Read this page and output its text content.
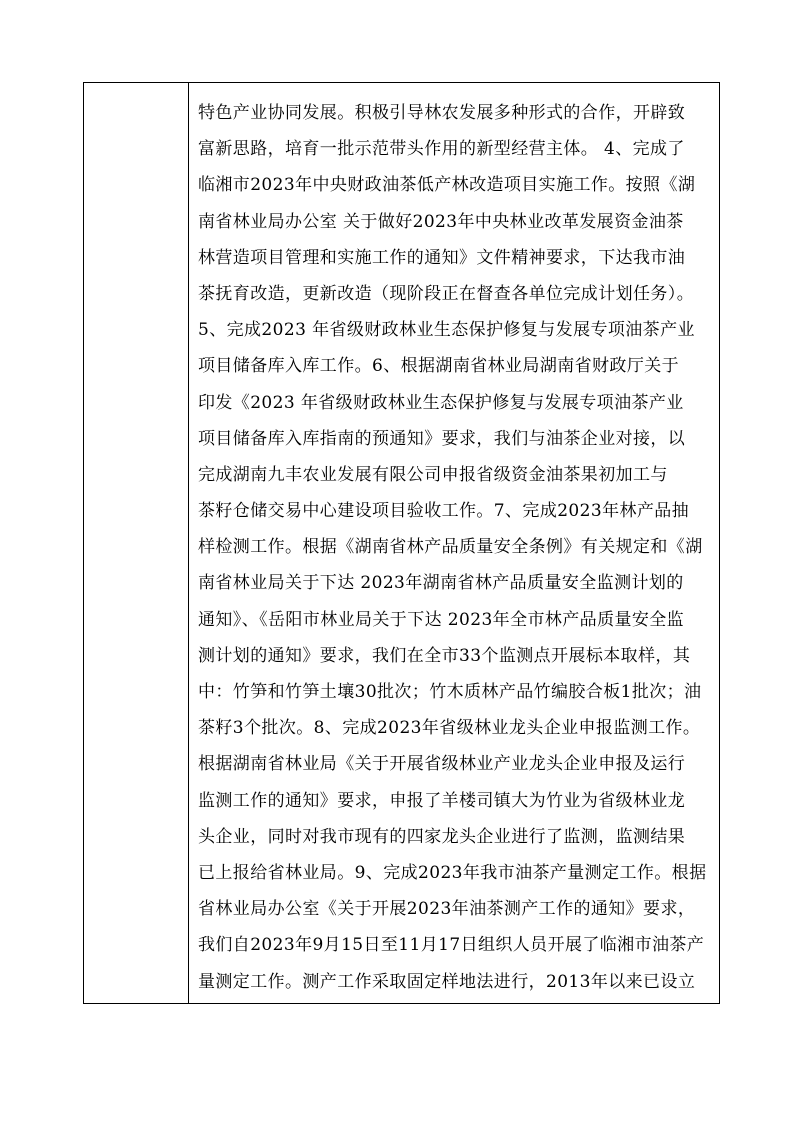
特色产业协同发展。积极引导林农发展多种形式的合作，开辟致
富新思路，培育一批示范带头作用的新型经营主体。 4、完成了
临湘市2023年中央财政油茶低产林改造项目实施工作。按照《湖
南省林业局办公室 关于做好2023年中央林业改革发展资金油茶
林营造项目管理和实施工作的通知》文件精神要求，下达我市油
茶抚育改造，更新改造（现阶段正在督查各单位完成计划任务）。
5、完成2023 年省级财政林业生态保护修复与发展专项油茶产业
项目储备库入库工作。6、根据湖南省林业局湖南省财政厅关于
印发《2023 年省级财政林业生态保护修复与发展专项油茶产业
项目储备库入库指南的预通知》要求，我们与油茶企业对接，以
完成湖南九丰农业发展有限公司申报省级资金油茶果初加工与
茶籽仓储交易中心建设项目验收工作。7、完成2023年林产品抽
样检测工作。根据《湖南省林产品质量安全条例》有关规定和《湖
南省林业局关于下达 2023年湖南省林产品质量安全监测计划的
通知》、《岳阳市林业局关于下达 2023年全市林产品质量安全监
测计划的通知》要求，我们在全市33个监测点开展标本取样，其
中：竹笋和竹笋土壤30批次；竹木质林产品竹编胶合板1批次；油
茶籽3个批次。8、完成2023年省级林业龙头企业申报监测工作。
根据湖南省林业局《关于开展省级林业产业龙头企业申报及运行
监测工作的通知》要求，申报了羊楼司镇大为竹业为省级林业龙
头企业，同时对我市现有的四家龙头企业进行了监测，监测结果
已上报给省林业局。9、完成2023年我市油茶产量测定工作。根据
省林业局办公室《关于开展2023年油茶测产工作的通知》要求，
我们自2023年9月15日至11月17日组织人员开展了临湘市油茶产
量测定工作。测产工作采取固定样地法进行，2013年以来已设立
